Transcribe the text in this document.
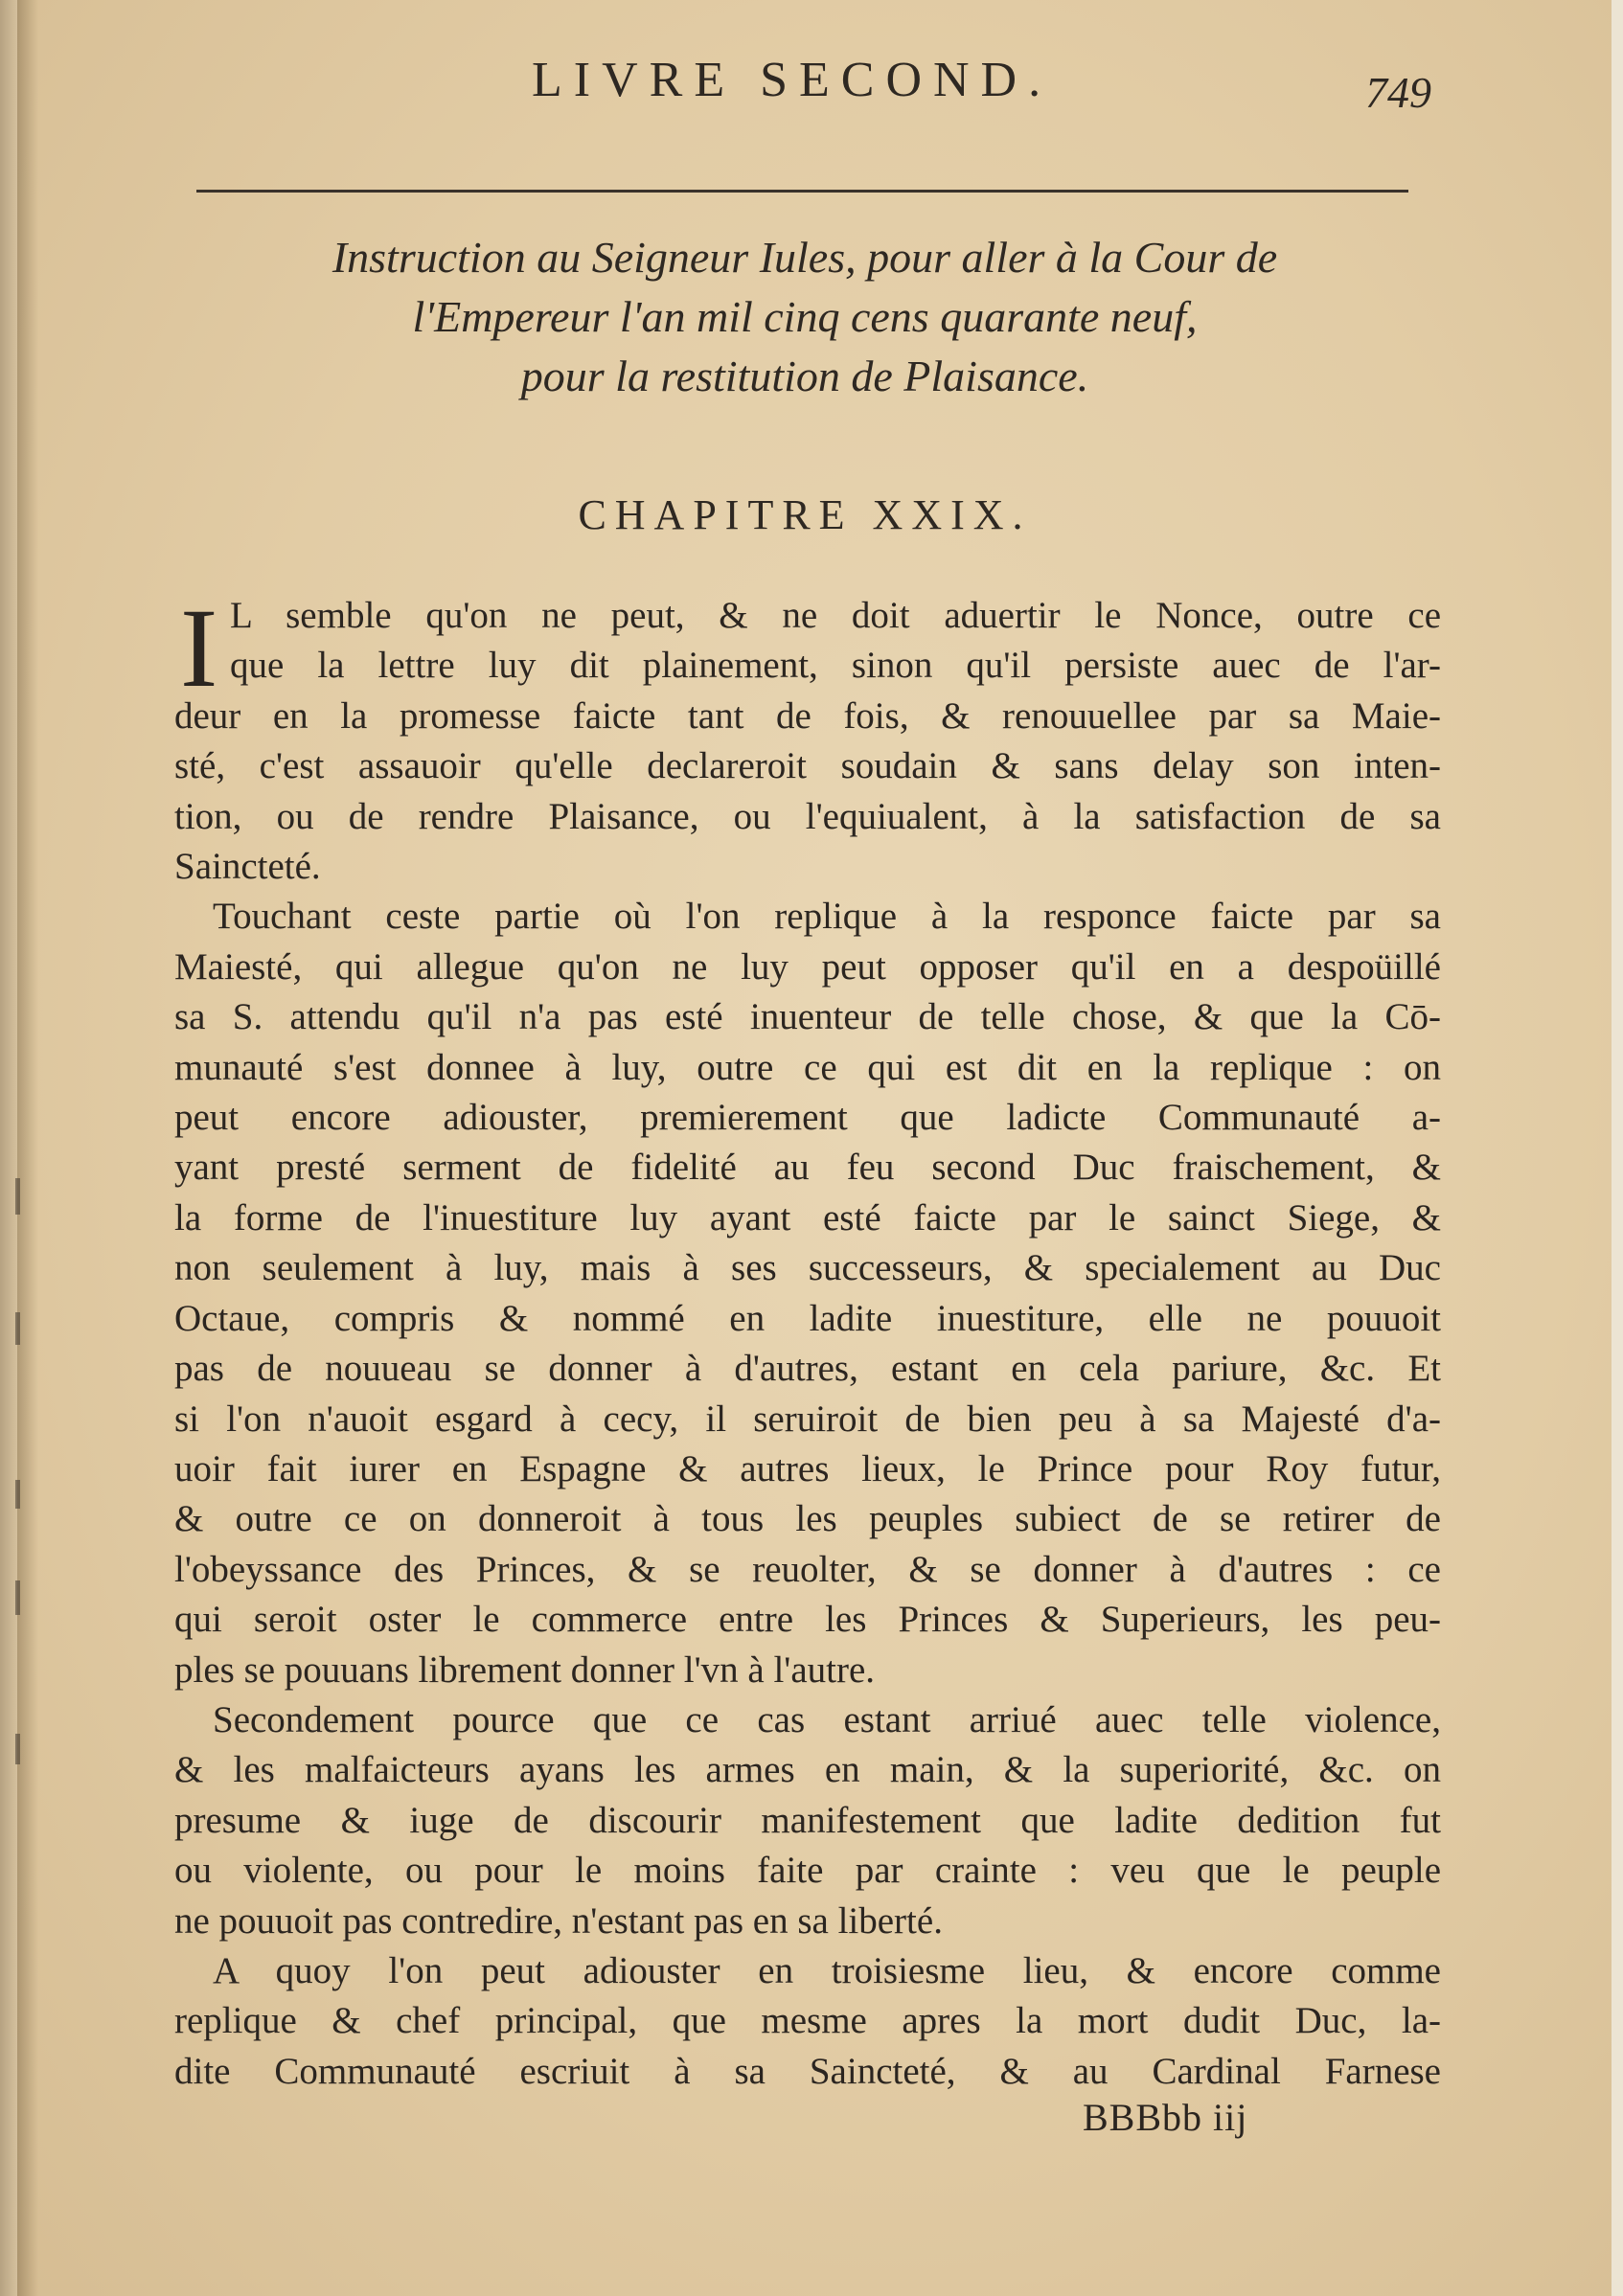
LIVRE SECOND.	749
Instruction au Seigneur Iules, pour aller à la Cour de
l'Empereur l'an mil cinq cens quarante neuf,
pour la restitution de Plaisance.
CHAPITRE XXIX.
I L semble qu'on ne peut, & ne doit aduertir le Nonce, outre ce
que la lettre luy dit plainement, sinon qu'il persiste auec de l'ar-
deur en la promesse faicte tant de fois, & renouuellee par sa Maie-
sté, c'est assauoir qu'elle declareroit soudain & sans delay son inten-
tion, ou de rendre Plaisance, ou l'equiualent, à la satisfaction de sa
Saincteté.
Touchant ceste partie où l'on replique à la responce faicte par sa
Maiesté, qui allegue qu'on ne luy peut opposer qu'il en a despoüillé
sa S. attendu qu'il n'a pas esté inuenteur de telle chose, & que la Cō-
munauté s'est donnee à luy, outre ce qui est dit en la replique : on
peut encore adiouster, premierement que ladicte Communauté a-
yant presté serment de fidelité au feu second Duc fraischement, &
la forme de l'inuestiture luy ayant esté faicte par le sainct Siege, &
non seulement à luy, mais à ses successeurs, & specialement au Duc
Octaue, compris & nommé en ladite inuestiture, elle ne pouuoit
pas de nouueau se donner à d'autres, estant en cela pariure, &c. Et
si l'on n'auoit esgard à cecy, il seruiroit de bien peu à sa Majesté d'a-
uoir fait iurer en Espagne & autres lieux, le Prince pour Roy futur,
& outre ce on donneroit à tous les peuples subiect de se retirer de
l'obeyssance des Princes, & se reuolter, & se donner à d'autres : ce
qui seroit oster le commerce entre les Princes & Superieurs, les peu-
ples se pouuans librement donner l'vn à l'autre.
Secondement pource que ce cas estant arriué auec telle violence,
& les malfaicteurs ayans les armes en main, & la superiorité, &c. on
presume & iuge de discourir manifestement que ladite dedition fut
ou violente, ou pour le moins faite par crainte : veu que le peuple
ne pouuoit pas contredire, n'estant pas en sa liberté.
A quoy l'on peut adiouster en troisiesme lieu, & encore comme
replique & chef principal, que mesme apres la mort dudit Duc, la-
dite Communauté escriuit à sa Saincteté, & au Cardinal Farnese
BBBbb iij
